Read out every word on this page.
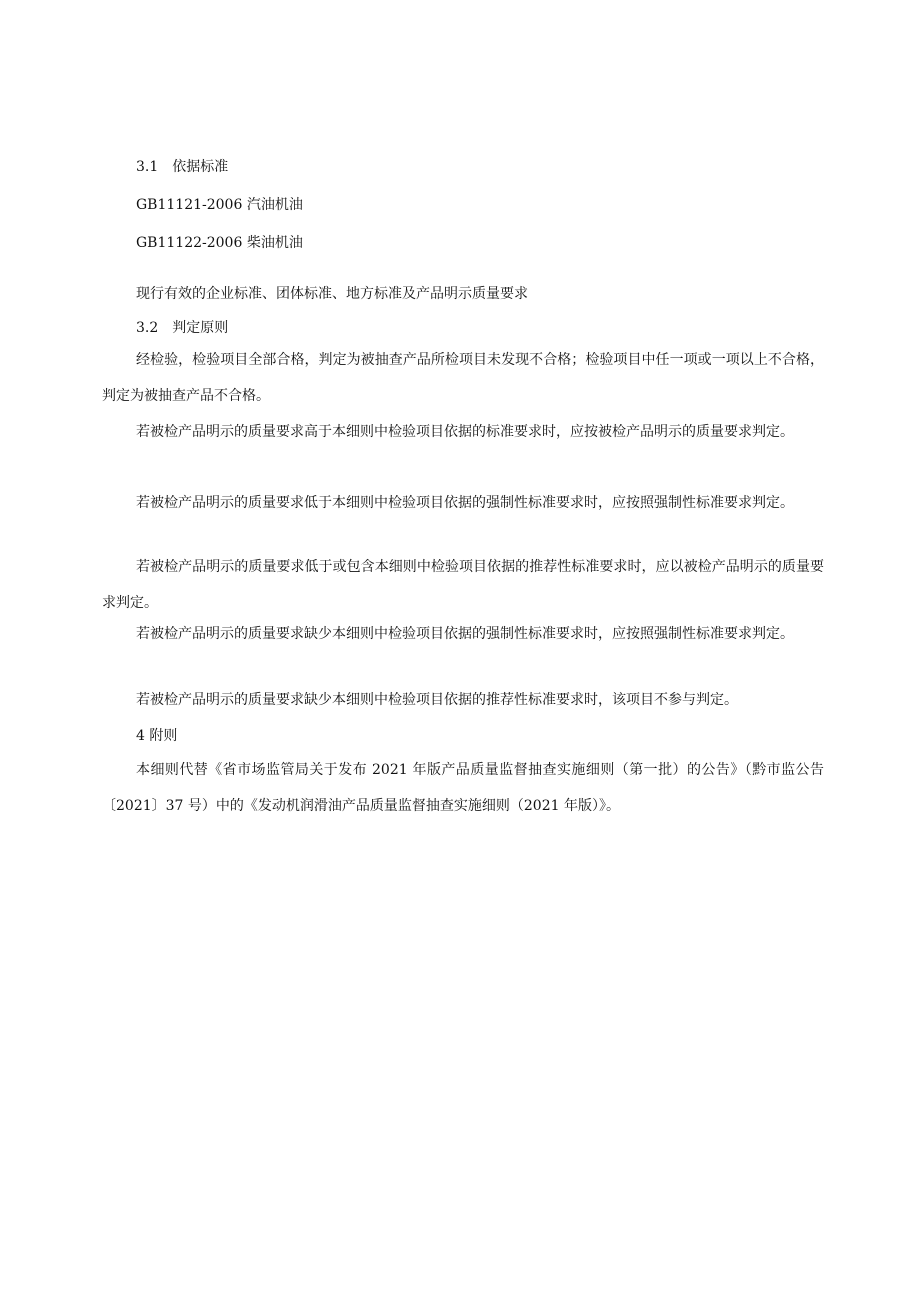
3.1　依据标准
GB11121-2006 汽油机油
GB11122-2006 柴油机油
现行有效的企业标准、团体标准、地方标准及产品明示质量要求
3.2　判定原则
经检验，检验项目全部合格，判定为被抽查产品所检项目未发现不合格；检验项目中任一项或一项以上不合格，判定为被抽查产品不合格。
若被检产品明示的质量要求高于本细则中检验项目依据的标准要求时，应按被检产品明示的质量要求判定。
若被检产品明示的质量要求低于本细则中检验项目依据的强制性标准要求时，应按照强制性标准要求判定。
若被检产品明示的质量要求低于或包含本细则中检验项目依据的推荐性标准要求时，应以被检产品明示的质量要求判定。
若被检产品明示的质量要求缺少本细则中检验项目依据的强制性标准要求时，应按照强制性标准要求判定。
若被检产品明示的质量要求缺少本细则中检验项目依据的推荐性标准要求时，该项目不参与判定。
4 附则
本细则代替《省市场监管局关于发布 2021 年版产品质量监督抽查实施细则（第一批）的公告》（黔市监公告〔2021〕37 号）中的《发动机润滑油产品质量监督抽查实施细则（2021 年版）》。
